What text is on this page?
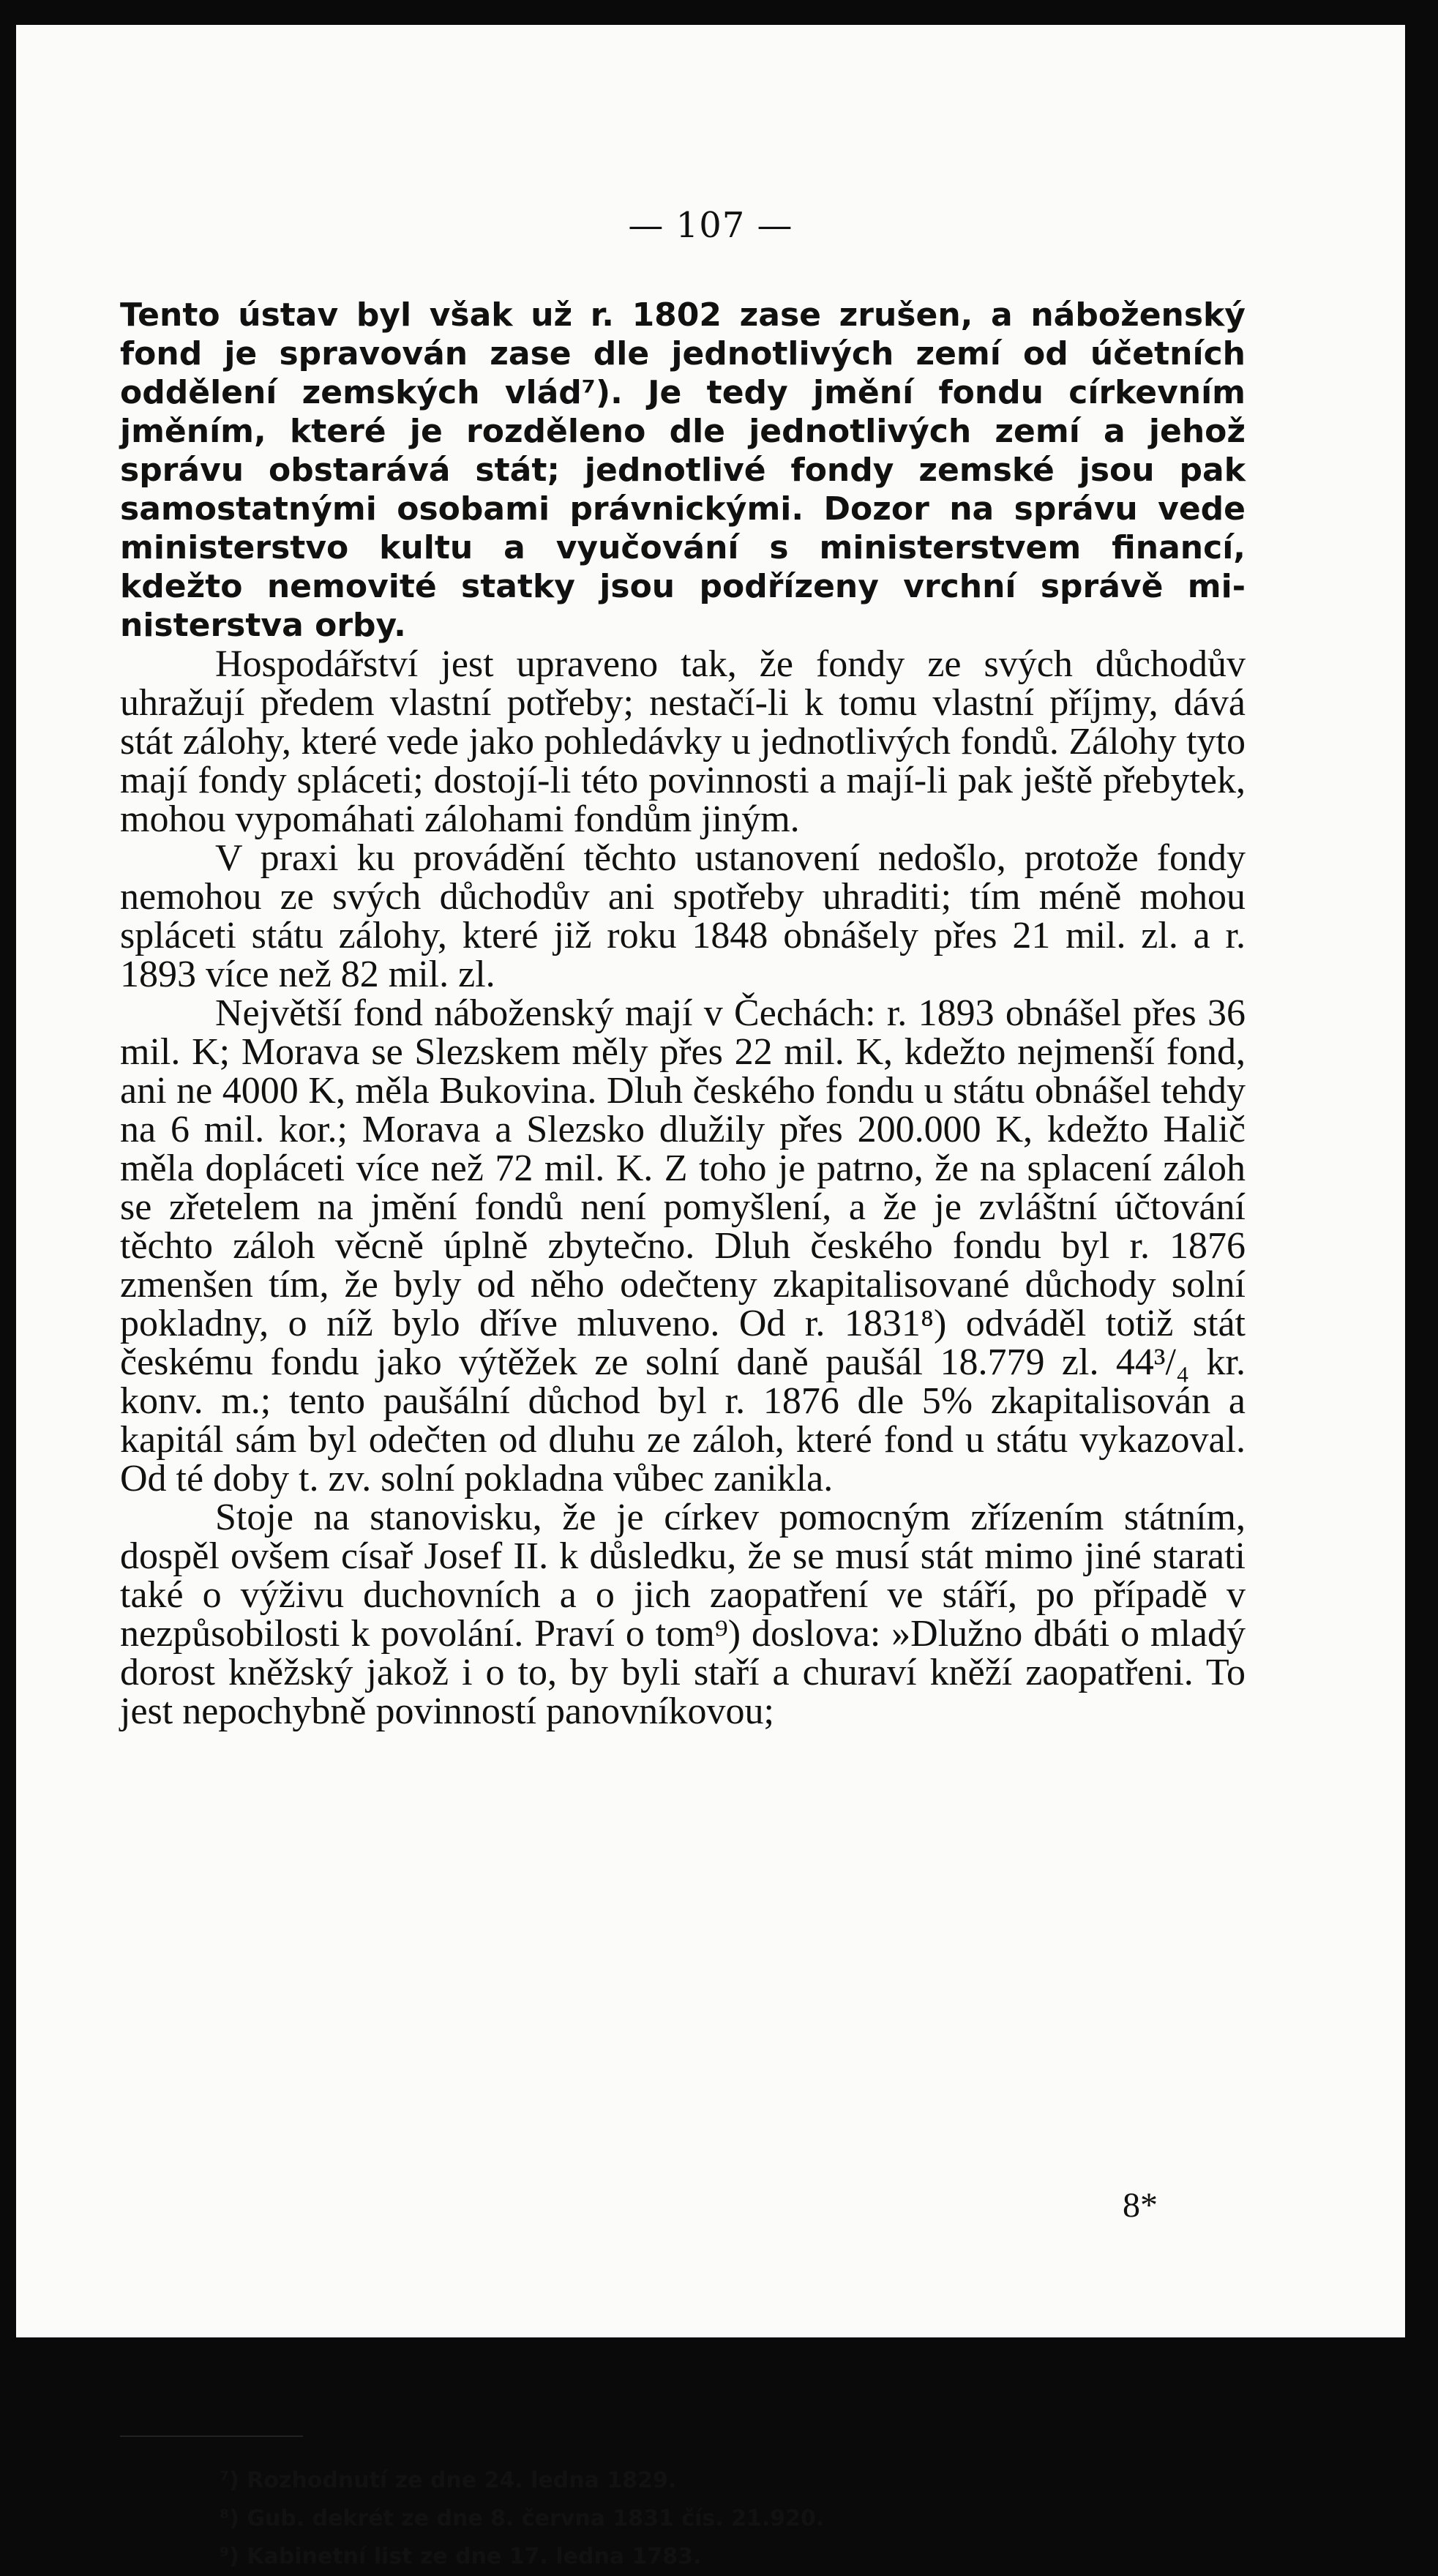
— 107 —

Tento ústav byl však už r. 1802 zase zrušen, a náboženský fond je spravován zase dle jednotlivých zemí od účetních oddělení zemských vlád⁷). Je tedy jmění fondu církevním jměním, které je rozděleno dle jednotlivých zemí a jehož správu obstarává stát; jednotlivé fondy zemské jsou pak samostatnými osobami právnickými. Dozor na správu vede ministerstvo kultu a vyučování s ministerstvem financí, kdežto nemovité statky jsou podřízeny vrchní správě ministerstva orby.

Hospodářství jest upraveno tak, že fondy ze svých důchodův uhražují předem vlastní potřeby; nestačí-li k tomu vlastní příjmy, dává stát zálohy, které vede jako pohledávky u jednotlivých fondů. Zálohy tyto mají fondy spláceti; dostojí-li této povinnosti a mají-li pak ještě přebytek, mohou vypomáhati zálohami fondům jiným.

V praxi ku provádění těchto ustanovení nedošlo, protože fondy nemohou ze svých důchodův ani spotřeby uhraditi; tím méně mohou spláceti státu zálohy, které již roku 1848 obnášely přes 21 mil. zl. a r. 1893 více než 82 mil. zl.

Největší fond náboženský mají v Čechách: r. 1893 obnášel přes 36 mil. K; Morava se Slezskem měly přes 22 mil. K, kdežto nejmenší fond, ani ne 4000 K, měla Bukovina. Dluh českého fondu u státu obnášel tehdy na 6 mil. kor.; Morava a Slezsko dlužily přes 200.000 K, kdežto Halič měla dopláceti více než 72 mil. K. Z toho je patrno, že na splacení záloh se zřetelem na jmění fondů není pomyšlení, a že je zvláštní účtování těchto záloh věcně úplně zbytečno. Dluh českého fondu byl r. 1876 zmenšen tím, že byly od něho odečteny zkapitalisované důchody solní pokladny, o níž bylo dříve mluveno. Od r. 1831⁸) odváděl totiž stát českému fondu jako výtěžek ze solní daně paušál 18.779 zl. 44³/₄ kr. konv. m.; tento paušální důchod byl r. 1876 dle 5% zkapitalisován a kapitál sám byl odečten od dluhu ze záloh, které fond u státu vykazoval. Od té doby t. zv. solní pokladna vůbec zanikla.

Stoje na stanovisku, že je církev pomocným zřízením státním, dospěl ovšem císař Josef II. k důsledku, že se musí stát mimo jiné starati také o výživu duchovních a o jich zaopatření ve stáří, po případě v nezpůsobilosti k povolání. Praví o tom⁹) doslova: »Dlužno dbáti o mladý dorost kněžský jakož i o to, by byli staří a churaví kněží zaopatřeni. To jest nepochybně povinností panovníkovou;

⁷) Rozhodnutí ze dne 24. ledna 1829.
⁸) Gub. dekrét ze dne 8. června 1831 čís. 21.920.
⁹) Kabinetní list ze dne 17. ledna 1783.
8*
